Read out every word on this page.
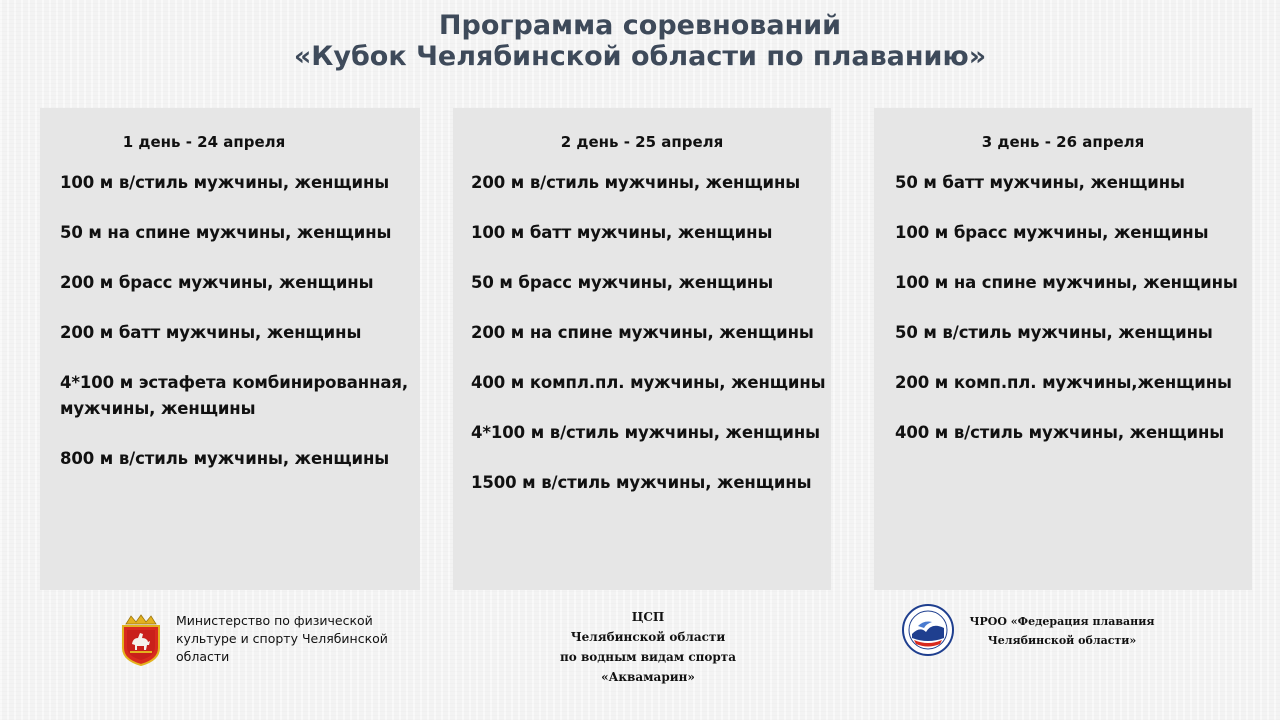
Программа соревнований
«Кубок Челябинской области по плаванию»
1 день - 24 апреля
100 м в/стиль мужчины, женщины
50 м на спине мужчины, женщины
200 м брасс мужчины, женщины
200 м батт мужчины, женщины
4*100 м эстафета комбинированная, мужчины, женщины
800 м в/стиль мужчины, женщины
2 день - 25 апреля
200 м в/стиль мужчины, женщины
100 м батт мужчины, женщины
50 м брасс мужчины, женщины
200 м на спине мужчины, женщины
400 м компл.пл. мужчины, женщины
4*100 м в/стиль мужчины, женщины
1500 м в/стиль мужчины, женщины
3 день - 26 апреля
50 м батт мужчины, женщины
100 м брасс мужчины, женщины
100 м на спине мужчины, женщины
50 м в/стиль мужчины, женщины
200 м комп.пл. мужчины,женщины
400 м в/стиль мужчины, женщины
Министерство по физической
культуре и спорту Челябинской
области
ЦСП
Челябинской области
по водным видам спорта
«Аквамарин»
ЧРОО «Федерация плавания
Челябинской области»
